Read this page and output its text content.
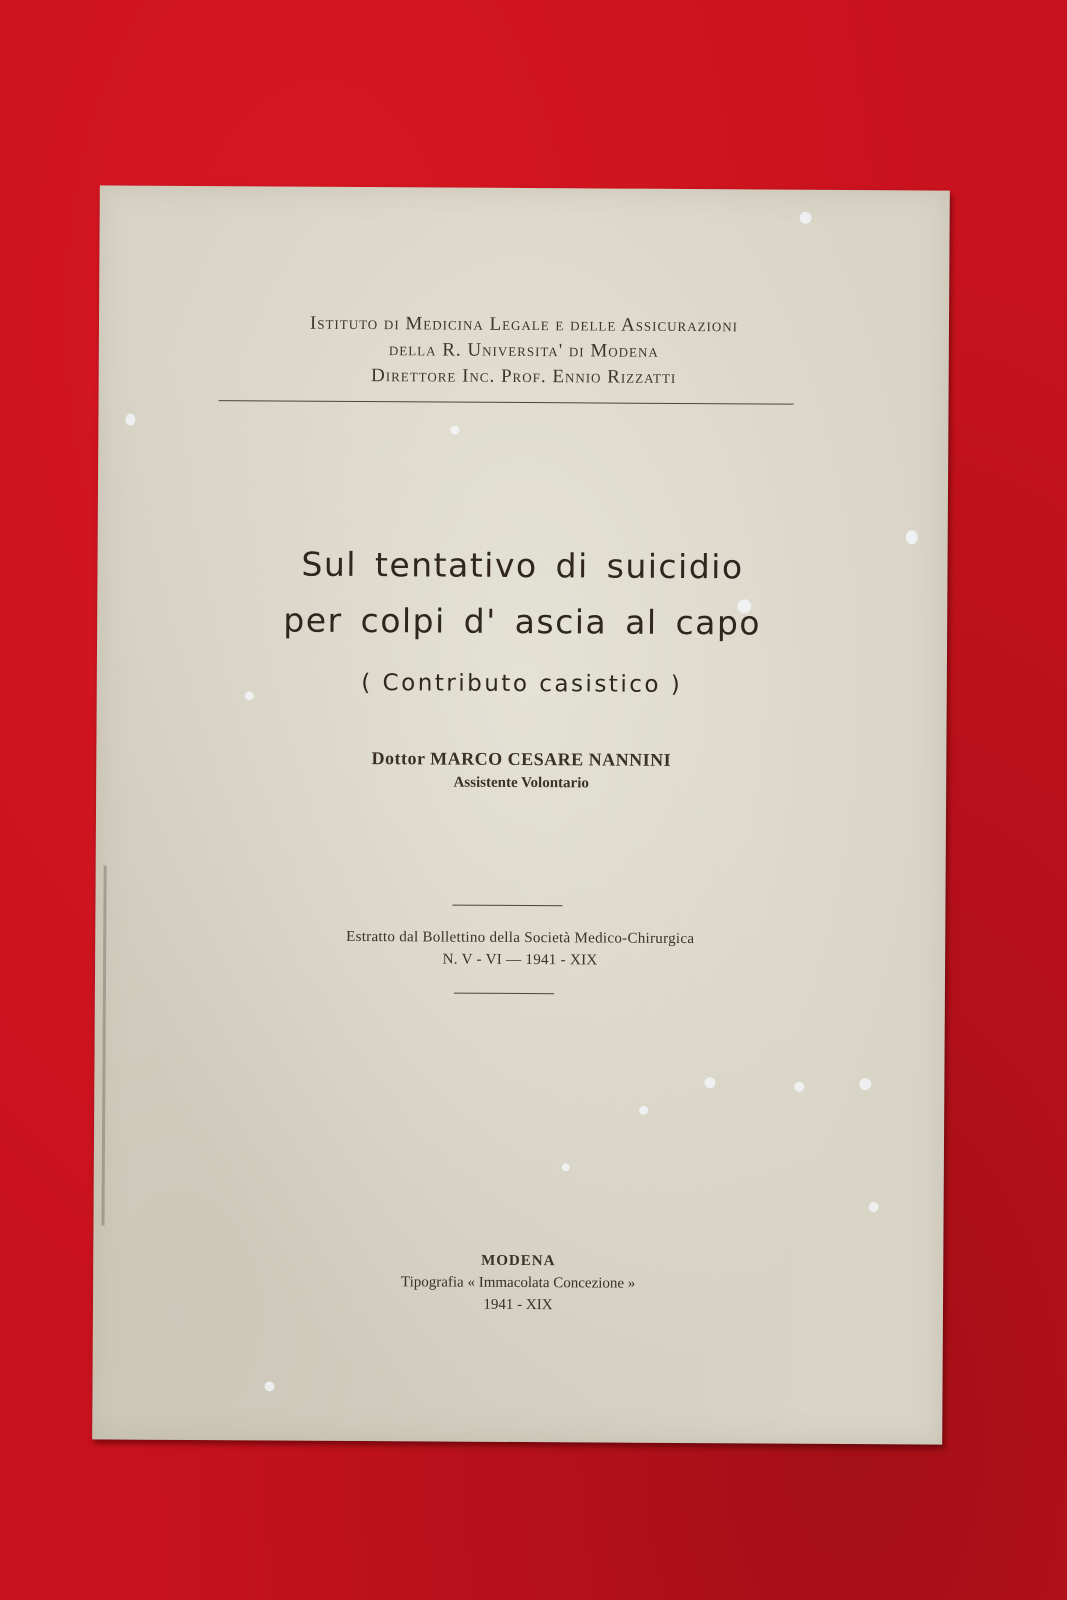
Istituto di Medicina Legale e delle Assicurazioni
della R. Universita' di Modena
Direttore Inc. Prof. Ennio Rizzatti
Sul tentativo di suicidio
per colpi d' ascia al capo
( Contributo casistico )
Dottor MARCO CESARE NANNINI
Assistente Volontario
Estratto dal Bollettino della Società Medico-Chirurgica
N. V - VI — 1941 - XIX
MODENA
Tipografia « Immacolata Concezione »
1941 - XIX
